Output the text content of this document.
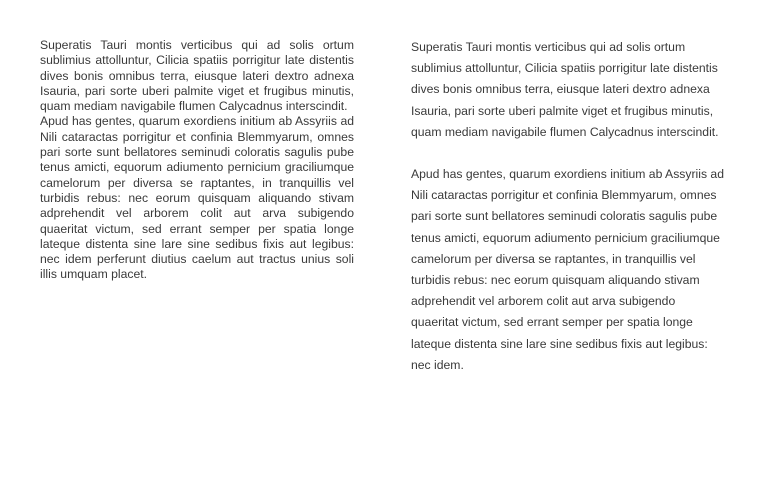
Superatis Tauri montis verticibus qui ad solis ortum sublimius attolluntur, Cilicia spatiis porrigitur late distentis dives bonis omnibus terra, eiusque lateri dextro adnexa Isauria, pari sorte uberi palmite viget et frugibus minutis, quam mediam navigabile flumen Calycadnus interscindit.

Apud has gentes, quarum exordiens initium ab Assyriis ad Nili cataractas porrigitur et confinia Blemmyarum, omnes pari sorte sunt bellatores seminudi coloratis sagulis pube tenus amicti, equorum adiumento pernicium graciliumque camelorum per diversa se raptantes, in tranquillis vel turbidis rebus: nec eorum quisquam aliquando stivam adprehendit vel arborem colit aut arva subigendo quaeritat victum, sed errant semper per spatia longe lateque distenta sine lare sine sedibus fixis aut legibus: nec idem perferunt diutius caelum aut tractus unius soli illis umquam placet.

Superatis Tauri montis verticibus qui ad solis ortum sublimius attolluntur, Cilicia spatiis porrigitur late distentis dives bonis omnibus terra, eiusque lateri dextro adnexa Isauria, pari sorte uberi palmite viget et frugibus minutis, quam mediam navigabile flumen Calycadnus interscindit.

Apud has gentes, quarum exordiens initium ab Assyriis ad Nili cataractas porrigitur et confinia Blemmyarum, omnes pari sorte sunt bellatores seminudi coloratis sagulis pube tenus amicti, equorum adiumento pernicium graciliumque camelorum per diversa se raptantes, in tranquillis vel turbidis rebus: nec eorum quisquam aliquando stivam adprehendit vel arborem colit aut arva subigendo quaeritat victum, sed errant semper per spatia longe lateque distenta sine lare sine sedibus fixis aut legibus: nec idem.
